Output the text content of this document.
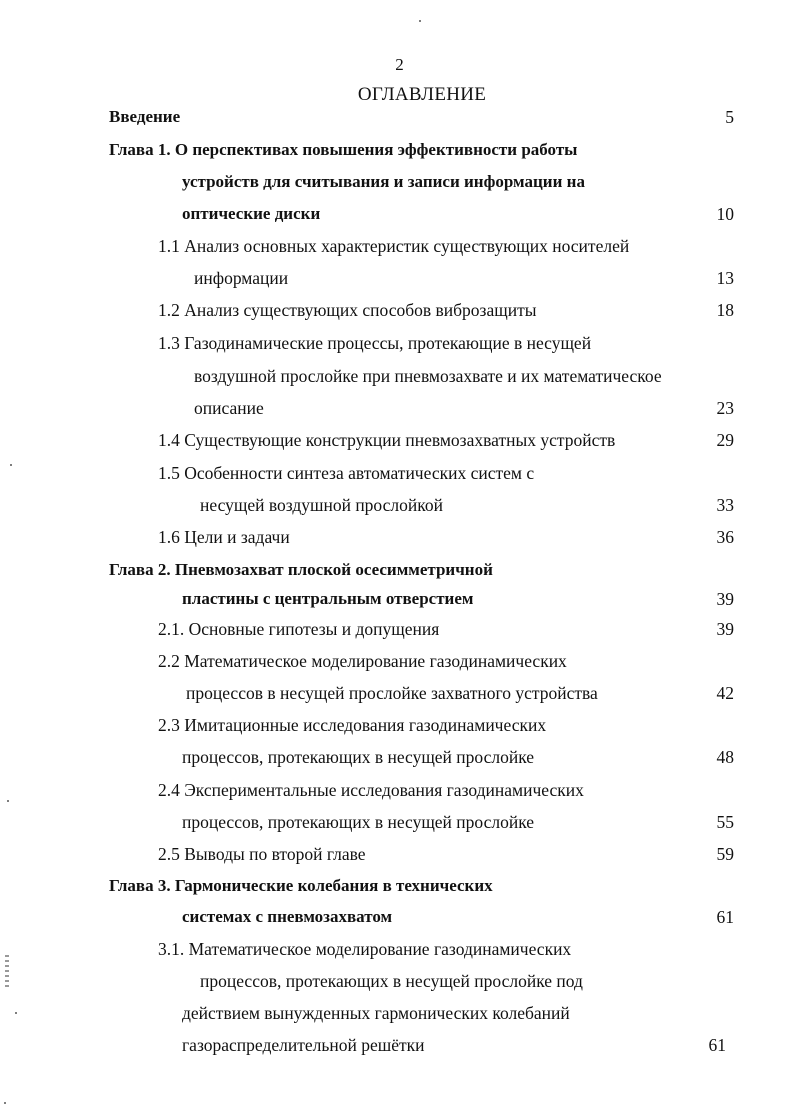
2
ОГЛАВЛЕНИЕ
Введение	5
Глава 1. О перспективах повышения эффективности работы
устройств для считывания и записи информации на
оптические диски	10
1.1 Анализ основных характеристик существующих носителей
информации	13
1.2 Анализ существующих способов виброзащиты	18
1.3 Газодинамические процессы, протекающие в несущей
воздушной прослойке при пневмозахвате и их математическое
описание	23
1.4 Существующие конструкции пневмозахватных устройств	29
1.5 Особенности синтеза автоматических систем с
несущей воздушной прослойкой	33
1.6 Цели и задачи	36
Глава 2. Пневмозахват плоской осесимметричной
пластины с центральным отверстием	39
2.1. Основные гипотезы и допущения	39
2.2 Математическое моделирование газодинамических
процессов в несущей прослойке захватного устройства	42
2.3 Имитационные исследования газодинамических
процессов, протекающих в несущей прослойке	48
2.4 Экспериментальные исследования газодинамических
процессов, протекающих в несущей прослойке	55
2.5 Выводы по второй главе	59
Глава 3. Гармонические колебания в технических
системах с пневмозахватом	61
3.1. Математическое моделирование газодинамических
процессов, протекающих в несущей прослойке под
действием вынужденных гармонических колебаний
газораспределительной решётки	61
